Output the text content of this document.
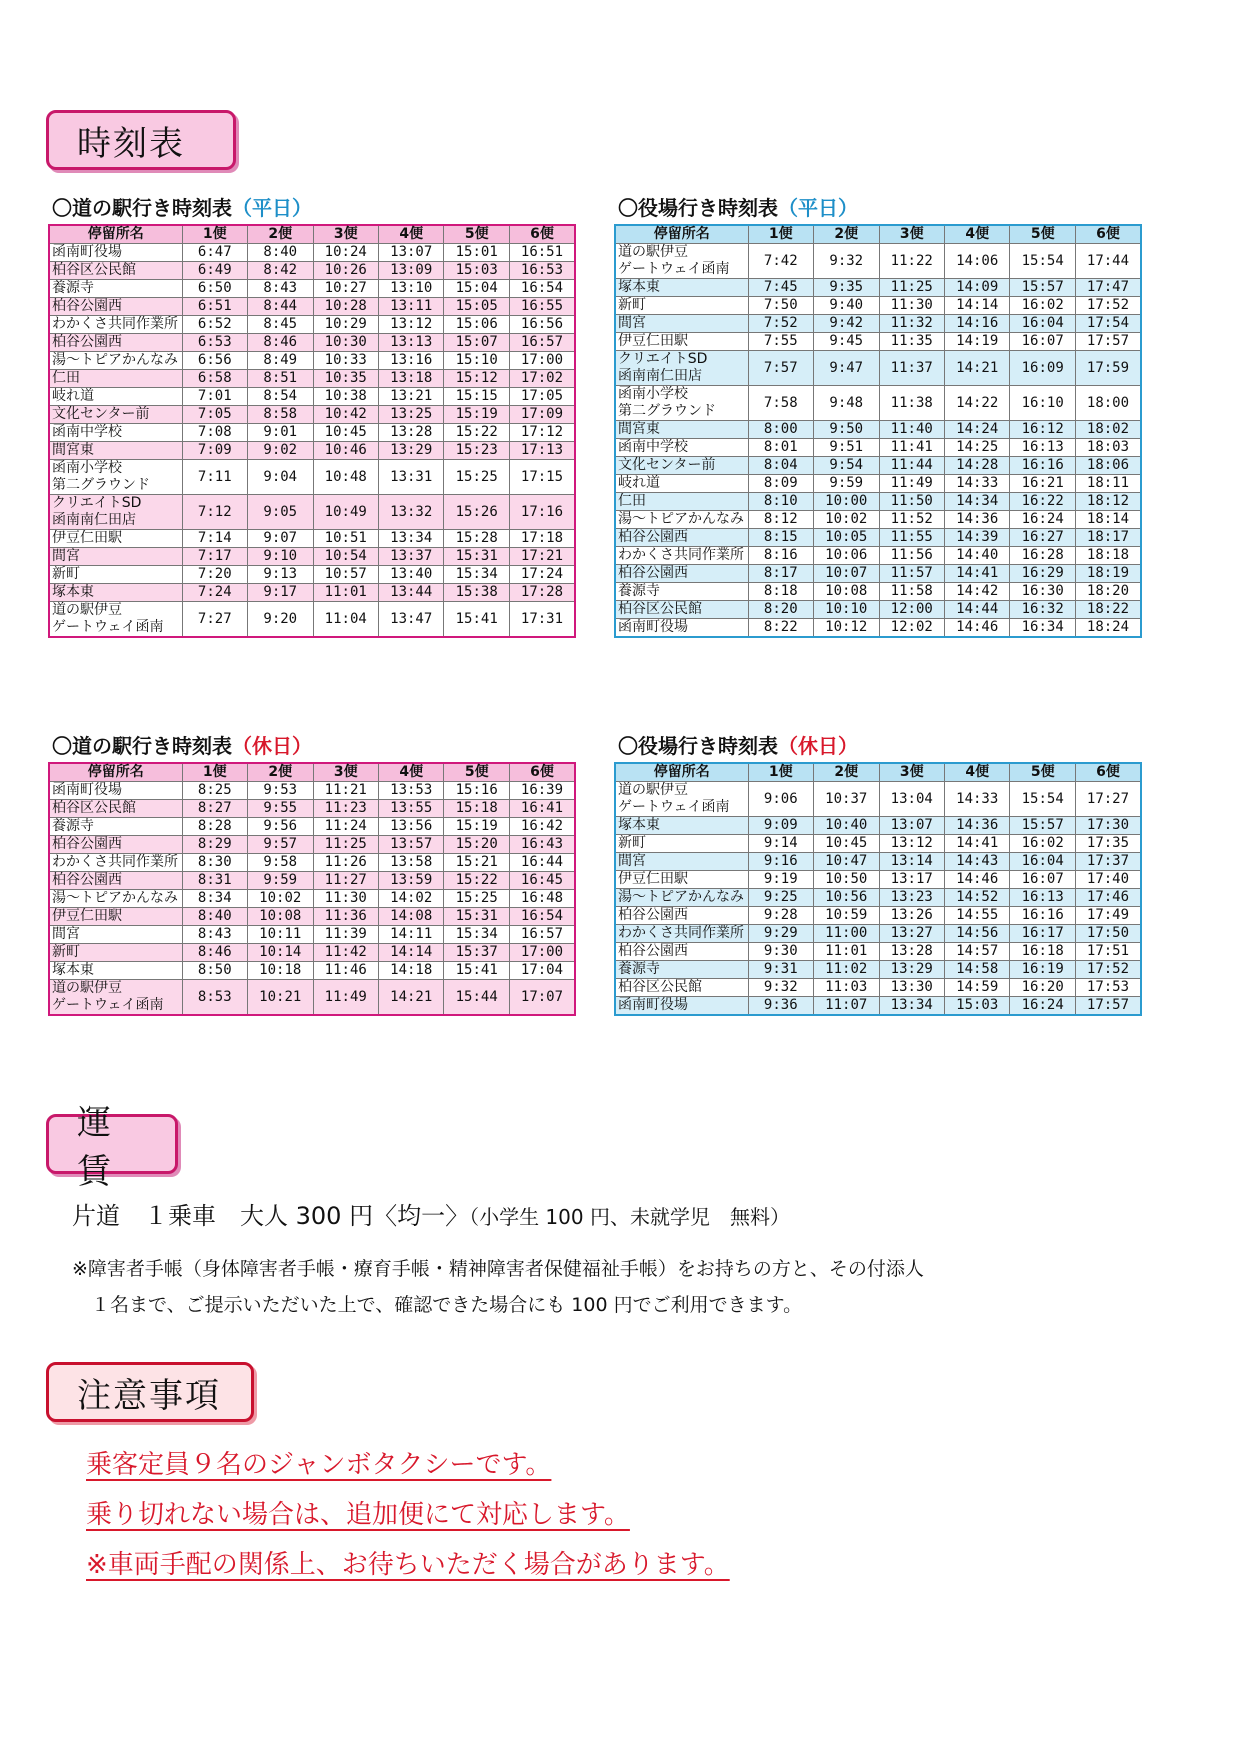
時刻表
運賃
注意事項
〇道の駅行き時刻表（平日）	〇役場行き時刻表（平日）
〇道の駅行き時刻表（休日）	〇役場行き時刻表（休日）
停留所名	1便	2便	3便	4便	5便	6便

函南町役場	6:47	8:40	10:24	13:07	15:01	16:51

柏谷区公民館	6:49	8:42	10:26	13:09	15:03	16:53

養源寺	6:50	8:43	10:27	13:10	15:04	16:54

柏谷公園西	6:51	8:44	10:28	13:11	15:05	16:55

わかくさ共同作業所	6:52	8:45	10:29	13:12	15:06	16:56

柏谷公園西	6:53	8:46	10:30	13:13	15:07	16:57

湯～トピアかんなみ	6:56	8:49	10:33	13:16	15:10	17:00

仁田	6:58	8:51	10:35	13:18	15:12	17:02

岐れ道	7:01	8:54	10:38	13:21	15:15	17:05

文化センター前	7:05	8:58	10:42	13:25	15:19	17:09

函南中学校	7:08	9:01	10:45	13:28	15:22	17:12

間宮東	7:09	9:02	10:46	13:29	15:23	17:13

函南小学校
第二グラウンド	7:11	9:04	10:48	13:31	15:25	17:15

クリエイトSD
函南南仁田店	7:12	9:05	10:49	13:32	15:26	17:16

伊豆仁田駅	7:14	9:07	10:51	13:34	15:28	17:18

間宮	7:17	9:10	10:54	13:37	15:31	17:21

新町	7:20	9:13	10:57	13:40	15:34	17:24

塚本東	7:24	9:17	11:01	13:44	15:38	17:28

道の駅伊豆
ゲートウェイ函南	7:27	9:20	11:04	13:47	15:41	17:31
停留所名	1便	2便	3便	4便	5便	6便

道の駅伊豆
ゲートウェイ函南	7:42	9:32	11:22	14:06	15:54	17:44

塚本東	7:45	9:35	11:25	14:09	15:57	17:47

新町	7:50	9:40	11:30	14:14	16:02	17:52

間宮	7:52	9:42	11:32	14:16	16:04	17:54

伊豆仁田駅	7:55	9:45	11:35	14:19	16:07	17:57

クリエイトSD
函南南仁田店	7:57	9:47	11:37	14:21	16:09	17:59

函南小学校
第二グラウンド	7:58	9:48	11:38	14:22	16:10	18:00

間宮東	8:00	9:50	11:40	14:24	16:12	18:02

函南中学校	8:01	9:51	11:41	14:25	16:13	18:03

文化センター前	8:04	9:54	11:44	14:28	16:16	18:06

岐れ道	8:09	9:59	11:49	14:33	16:21	18:11

仁田	8:10	10:00	11:50	14:34	16:22	18:12

湯～トピアかんなみ	8:12	10:02	11:52	14:36	16:24	18:14

柏谷公園西	8:15	10:05	11:55	14:39	16:27	18:17

わかくさ共同作業所	8:16	10:06	11:56	14:40	16:28	18:18

柏谷公園西	8:17	10:07	11:57	14:41	16:29	18:19

養源寺	8:18	10:08	11:58	14:42	16:30	18:20

柏谷区公民館	8:20	10:10	12:00	14:44	16:32	18:22

函南町役場	8:22	10:12	12:02	14:46	16:34	18:24
停留所名	1便	2便	3便	4便	5便	6便

函南町役場	8:25	9:53	11:21	13:53	15:16	16:39

柏谷区公民館	8:27	9:55	11:23	13:55	15:18	16:41

養源寺	8:28	9:56	11:24	13:56	15:19	16:42

柏谷公園西	8:29	9:57	11:25	13:57	15:20	16:43

わかくさ共同作業所	8:30	9:58	11:26	13:58	15:21	16:44

柏谷公園西	8:31	9:59	11:27	13:59	15:22	16:45

湯～トピアかんなみ	8:34	10:02	11:30	14:02	15:25	16:48

伊豆仁田駅	8:40	10:08	11:36	14:08	15:31	16:54

間宮	8:43	10:11	11:39	14:11	15:34	16:57

新町	8:46	10:14	11:42	14:14	15:37	17:00

塚本東	8:50	10:18	11:46	14:18	15:41	17:04

道の駅伊豆
ゲートウェイ函南	8:53	10:21	11:49	14:21	15:44	17:07
停留所名	1便	2便	3便	4便	5便	6便

道の駅伊豆
ゲートウェイ函南	9:06	10:37	13:04	14:33	15:54	17:27

塚本東	9:09	10:40	13:07	14:36	15:57	17:30

新町	9:14	10:45	13:12	14:41	16:02	17:35

間宮	9:16	10:47	13:14	14:43	16:04	17:37

伊豆仁田駅	9:19	10:50	13:17	14:46	16:07	17:40

湯～トピアかんなみ	9:25	10:56	13:23	14:52	16:13	17:46

柏谷公園西	9:28	10:59	13:26	14:55	16:16	17:49

わかくさ共同作業所	9:29	11:00	13:27	14:56	16:17	17:50

柏谷公園西	9:30	11:01	13:28	14:57	16:18	17:51

養源寺	9:31	11:02	13:29	14:58	16:19	17:52

柏谷区公民館	9:32	11:03	13:30	14:59	16:20	17:53

函南町役場	9:36	11:07	13:34	15:03	16:24	17:57
片道　１乗車　大人 300 円〈均一〉（小学生 100 円、未就学児　無料）
※障害者手帳（身体障害者手帳・療育手帳・精神障害者保健福祉手帳）をお持ちの方と、その付添人
　１名まで、ご提示いただいた上で、確認できた場合にも 100 円でご利用できます。
乗客定員９名のジャンボタクシーです。
乗り切れない場合は、追加便にて対応します。
※車両手配の関係上、お待ちいただく場合があります。
